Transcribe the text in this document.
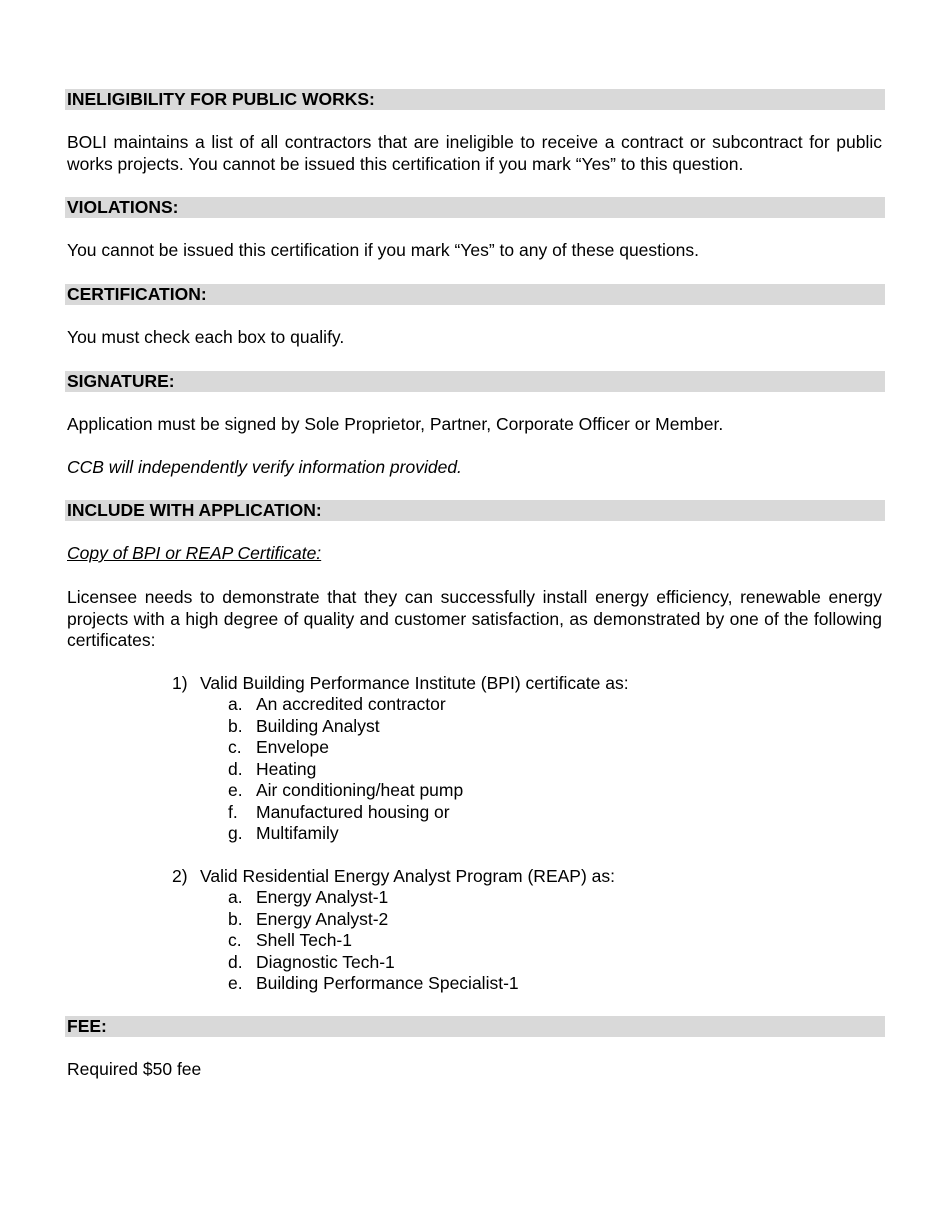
INELIGIBILITY FOR PUBLIC WORKS:

BOLI maintains a list of all contractors that are ineligible to receive a contract or subcontract for public works projects. You cannot be issued this certification if you mark “Yes” to this question.

VIOLATIONS:

You cannot be issued this certification if you mark “Yes” to any of these questions.

CERTIFICATION:

You must check each box to qualify.

SIGNATURE:

Application must be signed by Sole Proprietor, Partner, Corporate Officer or Member.

CCB will independently verify information provided.

INCLUDE WITH APPLICATION:

Copy of BPI or REAP Certificate:

Licensee needs to demonstrate that they can successfully install energy efficiency, renewable energy projects with a high degree of quality and customer satisfaction, as demonstrated by one of the following certificates:

1) Valid Building Performance Institute (BPI) certificate as:
a. An accredited contractor
b. Building Analyst
c. Envelope
d. Heating
e. Air conditioning/heat pump
f. Manufactured housing or
g. Multifamily
2) Valid Residential Energy Analyst Program (REAP) as:
a. Energy Analyst-1
b. Energy Analyst-2
c. Shell Tech-1
d. Diagnostic Tech-1
e. Building Performance Specialist-1
FEE:

Required $50 fee
